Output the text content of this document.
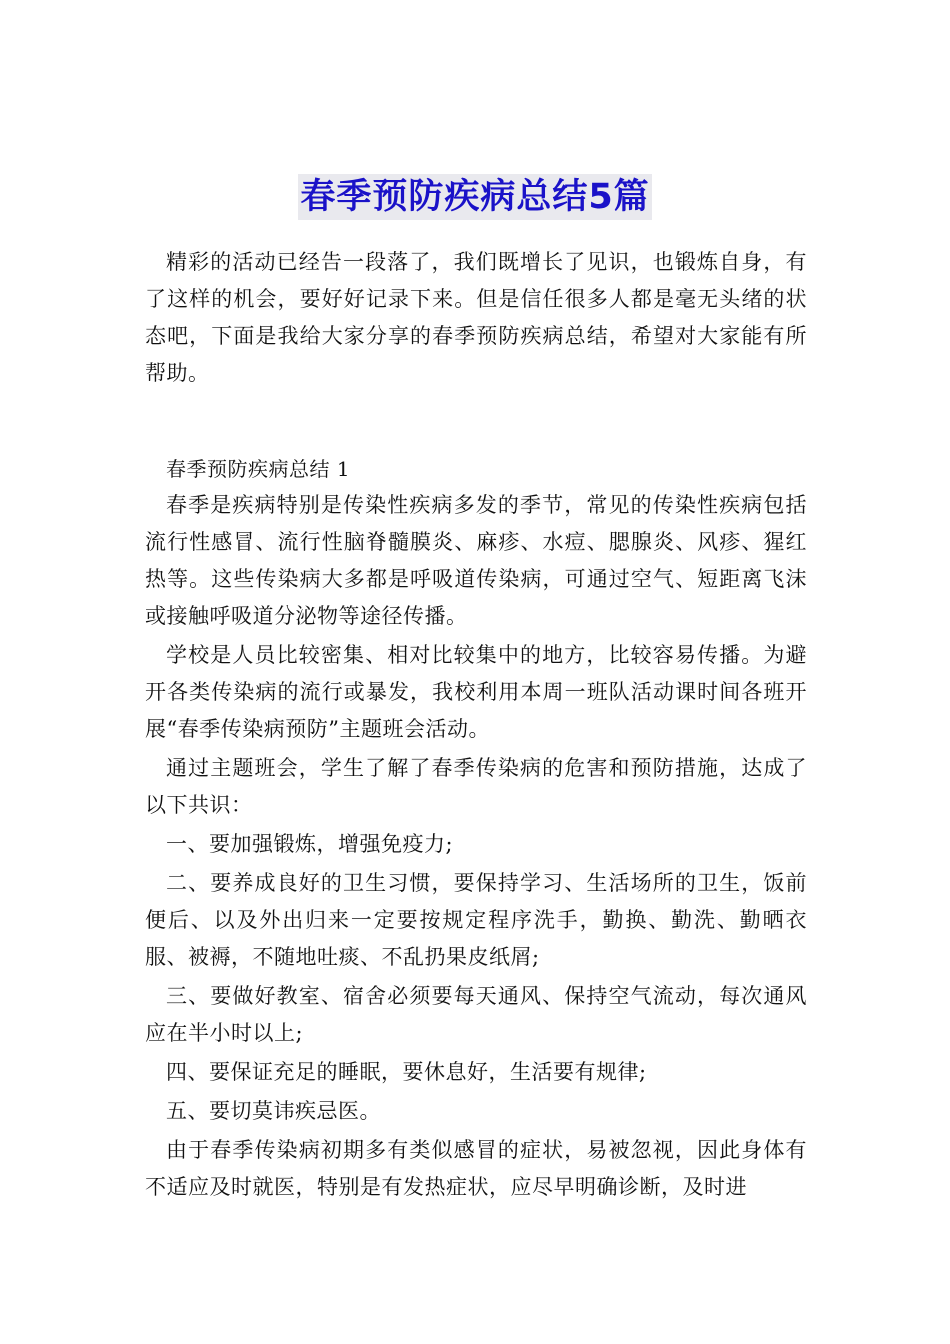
春季预防疾病总结5篇

精彩的活动已经告一段落了，我们既增长了见识，也锻炼自身，有了这样的机会，要好好记录下来。但是信任很多人都是毫无头绪的状态吧，下面是我给大家分享的春季预防疾病总结，希望对大家能有所帮助。

春季预防疾病总结 1

春季是疾病特别是传染性疾病多发的季节，常见的传染性疾病包括流行性感冒、流行性脑脊髓膜炎、麻疹、水痘、腮腺炎、风疹、猩红热等。这些传染病大多都是呼吸道传染病，可通过空气、短距离飞沫或接触呼吸道分泌物等途径传播。

学校是人员比较密集、相对比较集中的地方，比较容易传播。为避开各类传染病的流行或暴发，我校利用本周一班队活动课时间各班开展“春季传染病预防”主题班会活动。

通过主题班会，学生了解了春季传染病的危害和预防措施，达成了以下共识：

一、要加强锻炼，增强免疫力;

二、要养成良好的卫生习惯，要保持学习、生活场所的卫生，饭前便后、以及外出归来一定要按规定程序洗手，勤换、勤洗、勤晒衣服、被褥，不随地吐痰、不乱扔果皮纸屑;

三、要做好教室、宿舍必须要每天通风、保持空气流动，每次通风应在半小时以上;

四、要保证充足的睡眠，要休息好，生活要有规律;

五、要切莫讳疾忌医。

由于春季传染病初期多有类似感冒的症状，易被忽视，因此身体有不适应及时就医，特别是有发热症状，应尽早明确诊断，及时进
